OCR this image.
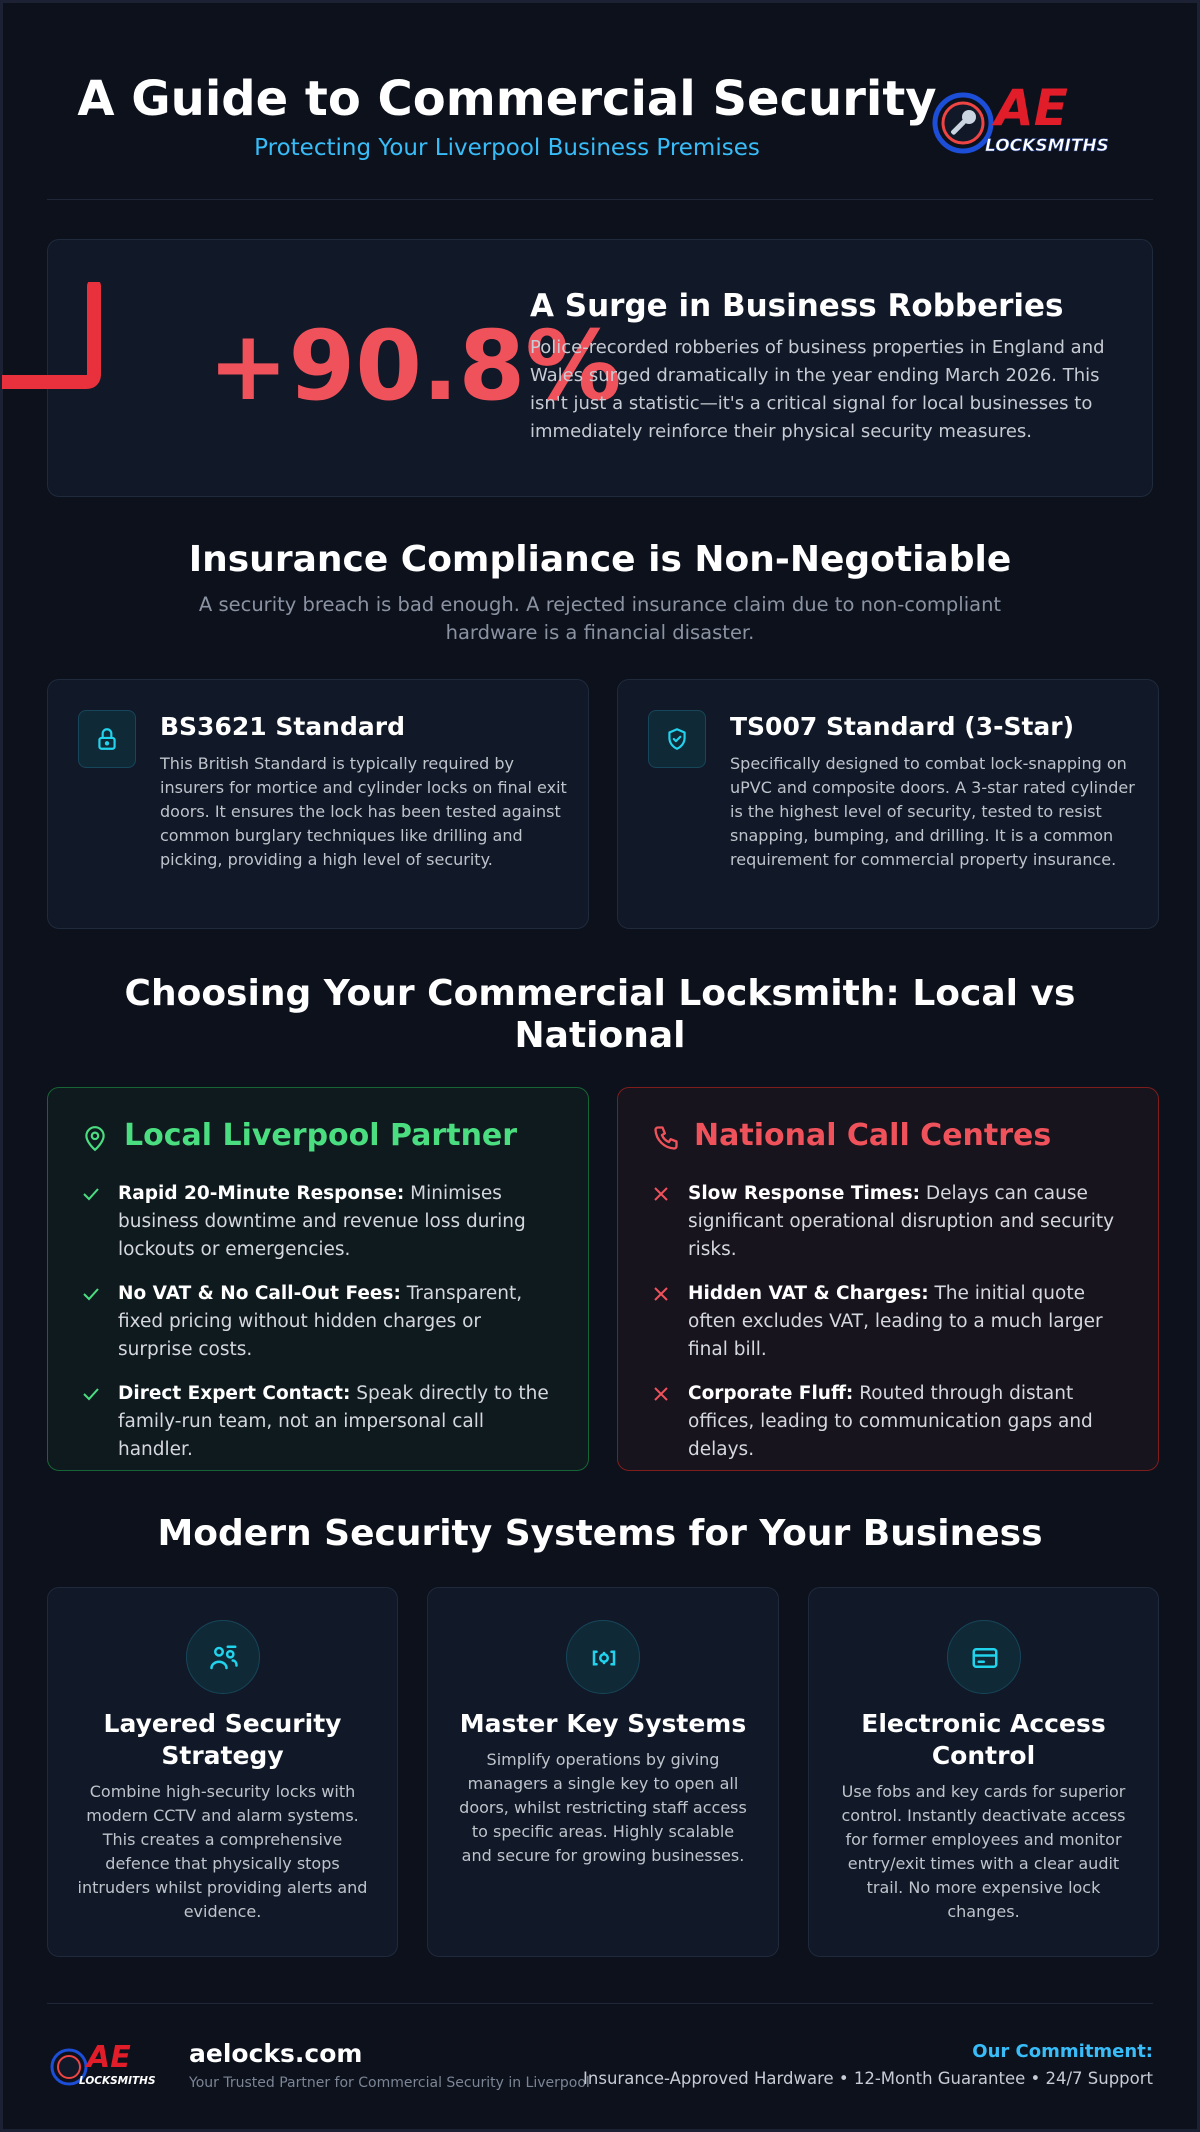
A Guide to Commercial Security
Protecting Your Liverpool Business Premises
AE
LOCKSMITHS
+90.8%
A Surge in Business Robberies
Police-recorded robberies of business properties in England and Wales surged dramatically in the year ending March 2026. This isn't just a statistic—it's a critical signal for local businesses to immediately reinforce their physical security measures.
Insurance Compliance is Non-Negotiable
A security breach is bad enough. A rejected insurance claim due to non-compliant hardware is a financial disaster.
BS3621 Standard
This British Standard is typically required by insurers for mortice and cylinder locks on final exit doors. It ensures the lock has been tested against common burglary techniques like drilling and picking, providing a high level of security.
TS007 Standard (3-Star)
Specifically designed to combat lock-snapping on uPVC and composite doors. A 3-star rated cylinder is the highest level of security, tested to resist snapping, bumping, and drilling. It is a common requirement for commercial property insurance.
Choosing Your Commercial Locksmith: Local vs National
Local Liverpool Partner
Rapid 20-Minute Response: Minimises business downtime and revenue loss during lockouts or emergencies.
No VAT & No Call-Out Fees: Transparent, fixed pricing without hidden charges or surprise costs.
Direct Expert Contact: Speak directly to the family-run team, not an impersonal call handler.
National Call Centres
Slow Response Times: Delays can cause significant operational disruption and security risks.
Hidden VAT & Charges: The initial quote often excludes VAT, leading to a much larger final bill.
Corporate Fluff: Routed through distant offices, leading to communication gaps and delays.
Modern Security Systems for Your Business
Layered Security Strategy
Combine high-security locks with modern CCTV and alarm systems. This creates a comprehensive defence that physically stops intruders whilst providing alerts and evidence.
Master Key Systems
Simplify operations by giving managers a single key to open all doors, whilst restricting staff access to specific areas. Highly scalable and secure for growing businesses.
Electronic Access Control
Use fobs and key cards for superior control. Instantly deactivate access for former employees and monitor entry/exit times with a clear audit trail. No more expensive lock changes.
AE
LOCKSMITHS
aelocks.com
Your Trusted Partner for Commercial Security in Liverpool
Our Commitment:
Insurance-Approved Hardware • 12-Month Guarantee • 24/7 Support
